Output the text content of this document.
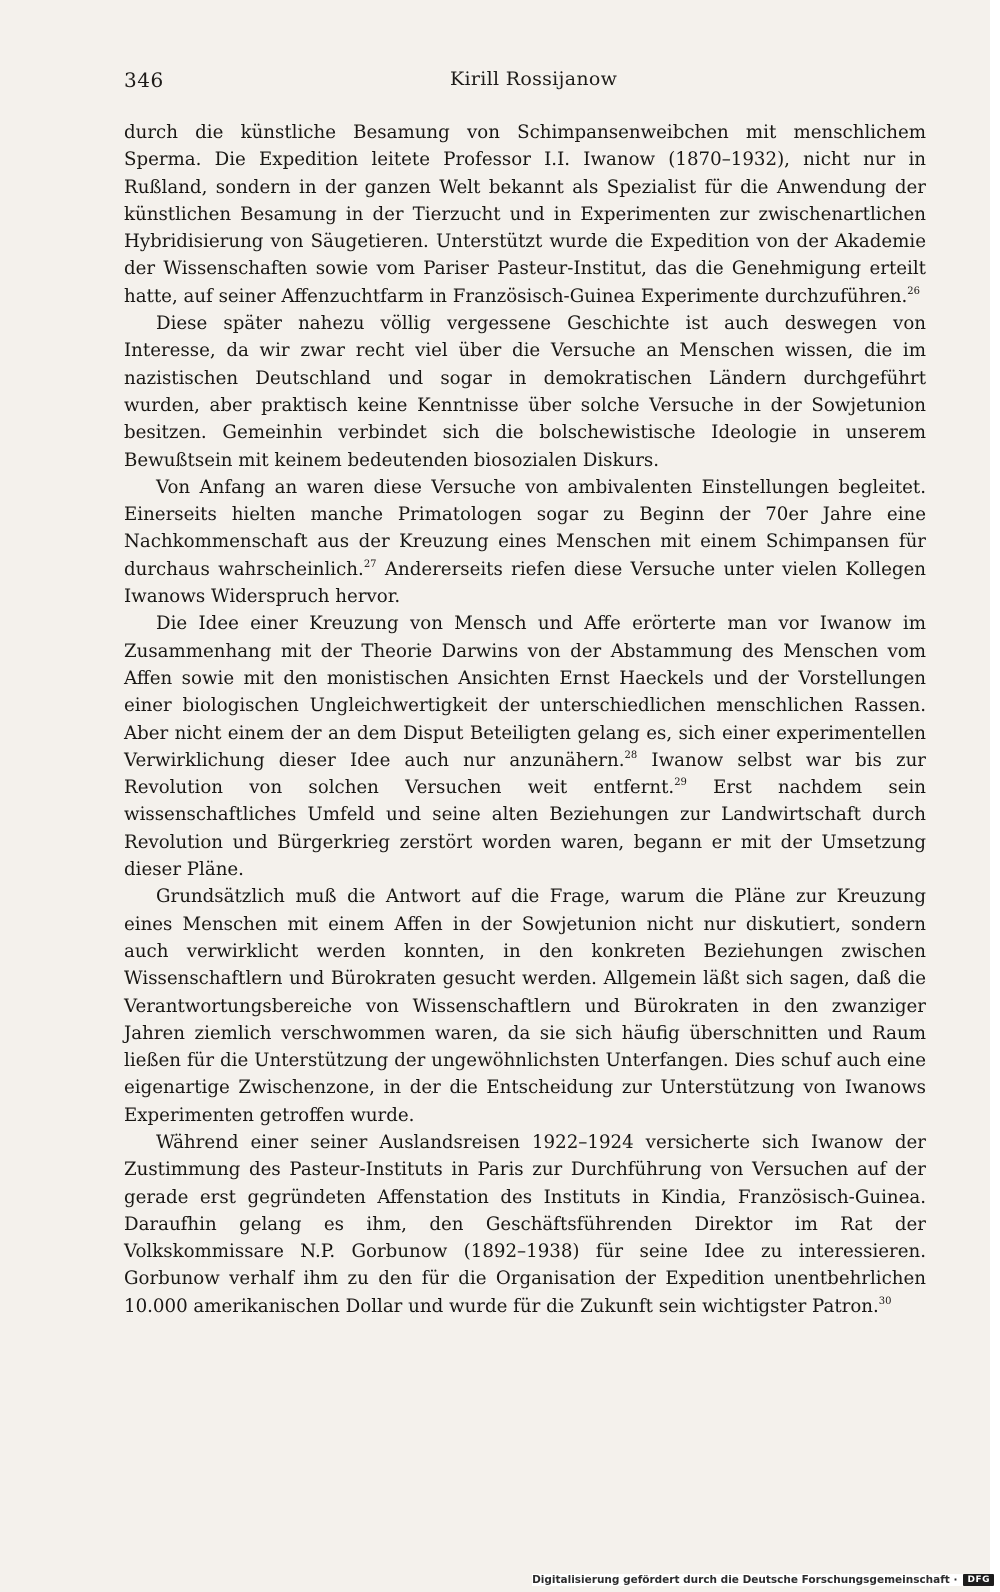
346	Kirill Rossijanow

durch die künstliche Besamung von Schimpansenweibchen mit menschlichem Sperma. Die Expedition leitete Professor I.I. Iwanow (1870–1932), nicht nur in Rußland, sondern in der ganzen Welt bekannt als Spezialist für die Anwendung der künstlichen Besamung in der Tierzucht und in Experimenten zur zwischenartlichen Hybridisierung von Säugetieren. Unterstützt wurde die Expedition von der Akademie der Wissenschaften sowie vom Pariser Pasteur-Institut, das die Genehmigung erteilt hatte, auf seiner Affenzuchtfarm in Französisch-Guinea Experimente durchzuführen.$^{26}$

Diese später nahezu völlig vergessene Geschichte ist auch deswegen von Interesse, da wir zwar recht viel über die Versuche an Menschen wissen, die im nazistischen Deutschland und sogar in demokratischen Ländern durchgeführt wurden, aber praktisch keine Kenntnisse über solche Versuche in der Sowjetunion besitzen. Gemeinhin verbindet sich die bolschewistische Ideologie in unserem Bewußtsein mit keinem bedeutenden biosozialen Diskurs.

Von Anfang an waren diese Versuche von ambivalenten Einstellungen begleitet. Einerseits hielten manche Primatologen sogar zu Beginn der 70er Jahre eine Nachkommenschaft aus der Kreuzung eines Menschen mit einem Schimpansen für durchaus wahrscheinlich.$^{27}$ Andererseits riefen diese Versuche unter vielen Kollegen Iwanows Widerspruch hervor.

Die Idee einer Kreuzung von Mensch und Affe erörterte man vor Iwanow im Zusammenhang mit der Theorie Darwins von der Abstammung des Menschen vom Affen sowie mit den monistischen Ansichten Ernst Haeckels und der Vorstellungen einer biologischen Ungleichwertigkeit der unterschiedlichen menschlichen Rassen. Aber nicht einem der an dem Disput Beteiligten gelang es, sich einer experimentellen Verwirklichung dieser Idee auch nur anzunähern.$^{28}$ Iwanow selbst war bis zur Revolution von solchen Versuchen weit entfernt.$^{29}$ Erst nachdem sein wissenschaftliches Umfeld und seine alten Beziehungen zur Landwirtschaft durch Revolution und Bürgerkrieg zerstört worden waren, begann er mit der Umsetzung dieser Pläne.

Grundsätzlich muß die Antwort auf die Frage, warum die Pläne zur Kreuzung eines Menschen mit einem Affen in der Sowjetunion nicht nur diskutiert, sondern auch verwirklicht werden konnten, in den konkreten Beziehungen zwischen Wissenschaftlern und Bürokraten gesucht werden. Allgemein läßt sich sagen, daß die Verantwortungsbereiche von Wissenschaftlern und Bürokraten in den zwanziger Jahren ziemlich verschwommen waren, da sie sich häufig überschnitten und Raum ließen für die Unterstützung der ungewöhnlichsten Unterfangen. Dies schuf auch eine eigenartige Zwischenzone, in der die Entscheidung zur Unterstützung von Iwanows Experimenten getroffen wurde.

Während einer seiner Auslandsreisen 1922–1924 versicherte sich Iwanow der Zustimmung des Pasteur-Instituts in Paris zur Durchführung von Versuchen auf der gerade erst gegründeten Affenstation des Instituts in Kindia, Französisch-Guinea. Daraufhin gelang es ihm, den Geschäftsführenden Direktor im Rat der Volkskommissare N.P. Gorbunow (1892–1938) für seine Idee zu interessieren. Gorbunow verhalf ihm zu den für die Organisation der Expedition unentbehrlichen 10.000 amerikanischen Dollar und wurde für die Zukunft sein wichtigster Patron.$^{30}$

Digitalisierung gefördert durch die Deutsche Forschungsgemeinschaft ·	DFG
